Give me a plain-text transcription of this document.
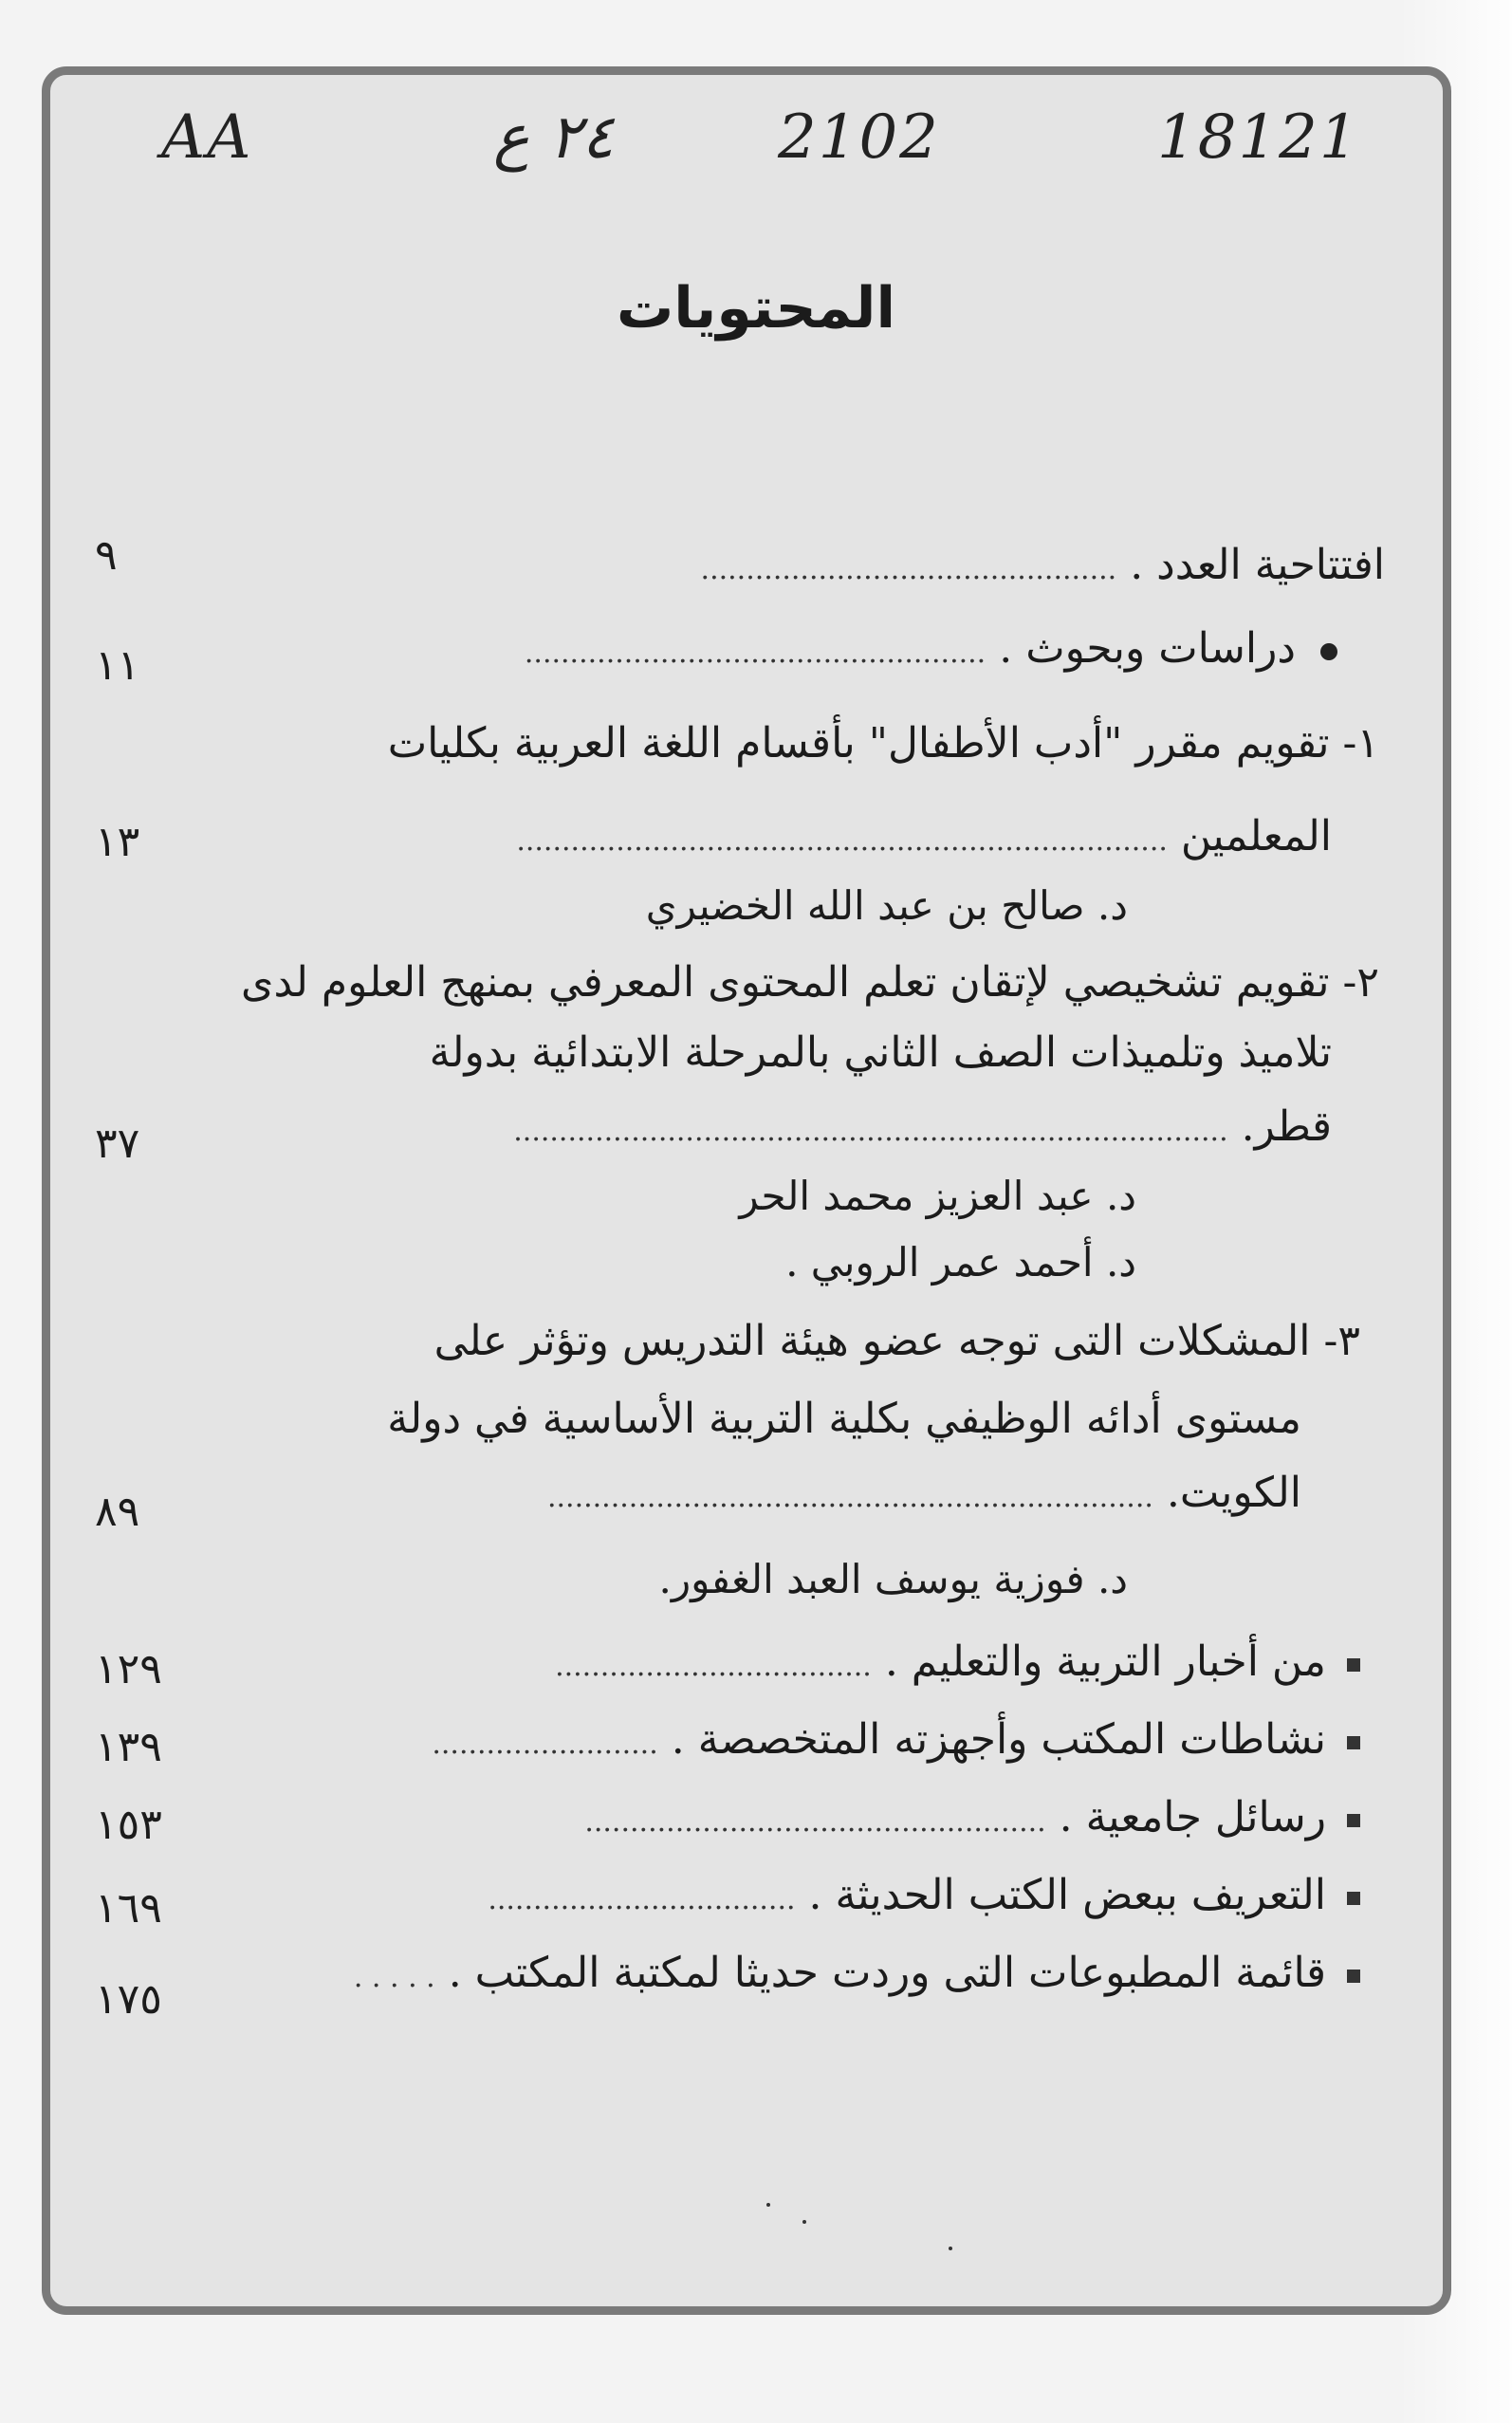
AA	٢٤ ع	2102	18121
المحتويات
افتتاحية العدد . ..............................................
٩
دراسات وبحوث . ...................................................
١١
١- تقويم مقرر "أدب الأطفال" بأقسام اللغة العربية بكليات
المعلمين ........................................................................
١٣
د. صالح بن عبد الله الخضيري
٢- تقويم تشخيصي لإتقان تعلم المحتوى المعرفي بمنهج العلوم لدى
تلاميذ وتلميذات الصف الثاني بالمرحلة الابتدائية بدولة
قطر. ...............................................................................
٣٧
د. عبد العزيز محمد الحر
د. أحمد عمر الروبي .
٣- المشكلات التى توجه عضو هيئة التدريس وتؤثر على
مستوى أدائه الوظيفي بكلية التربية الأساسية في دولة
الكويت. ...................................................................
٨٩
د. فوزية يوسف العبد الغفور.
من أخبار التربية والتعليم . ...................................
١٢٩
نشاطات المكتب وأجهزته المتخصصة . .........................
١٣٩
رسائل جامعية . ...................................................
١٥٣
التعريف ببعض الكتب الحديثة . ..................................
١٦٩
قائمة المطبوعات التى وردت حديثا لمكتبة المكتب . . . . . .
١٧٥
